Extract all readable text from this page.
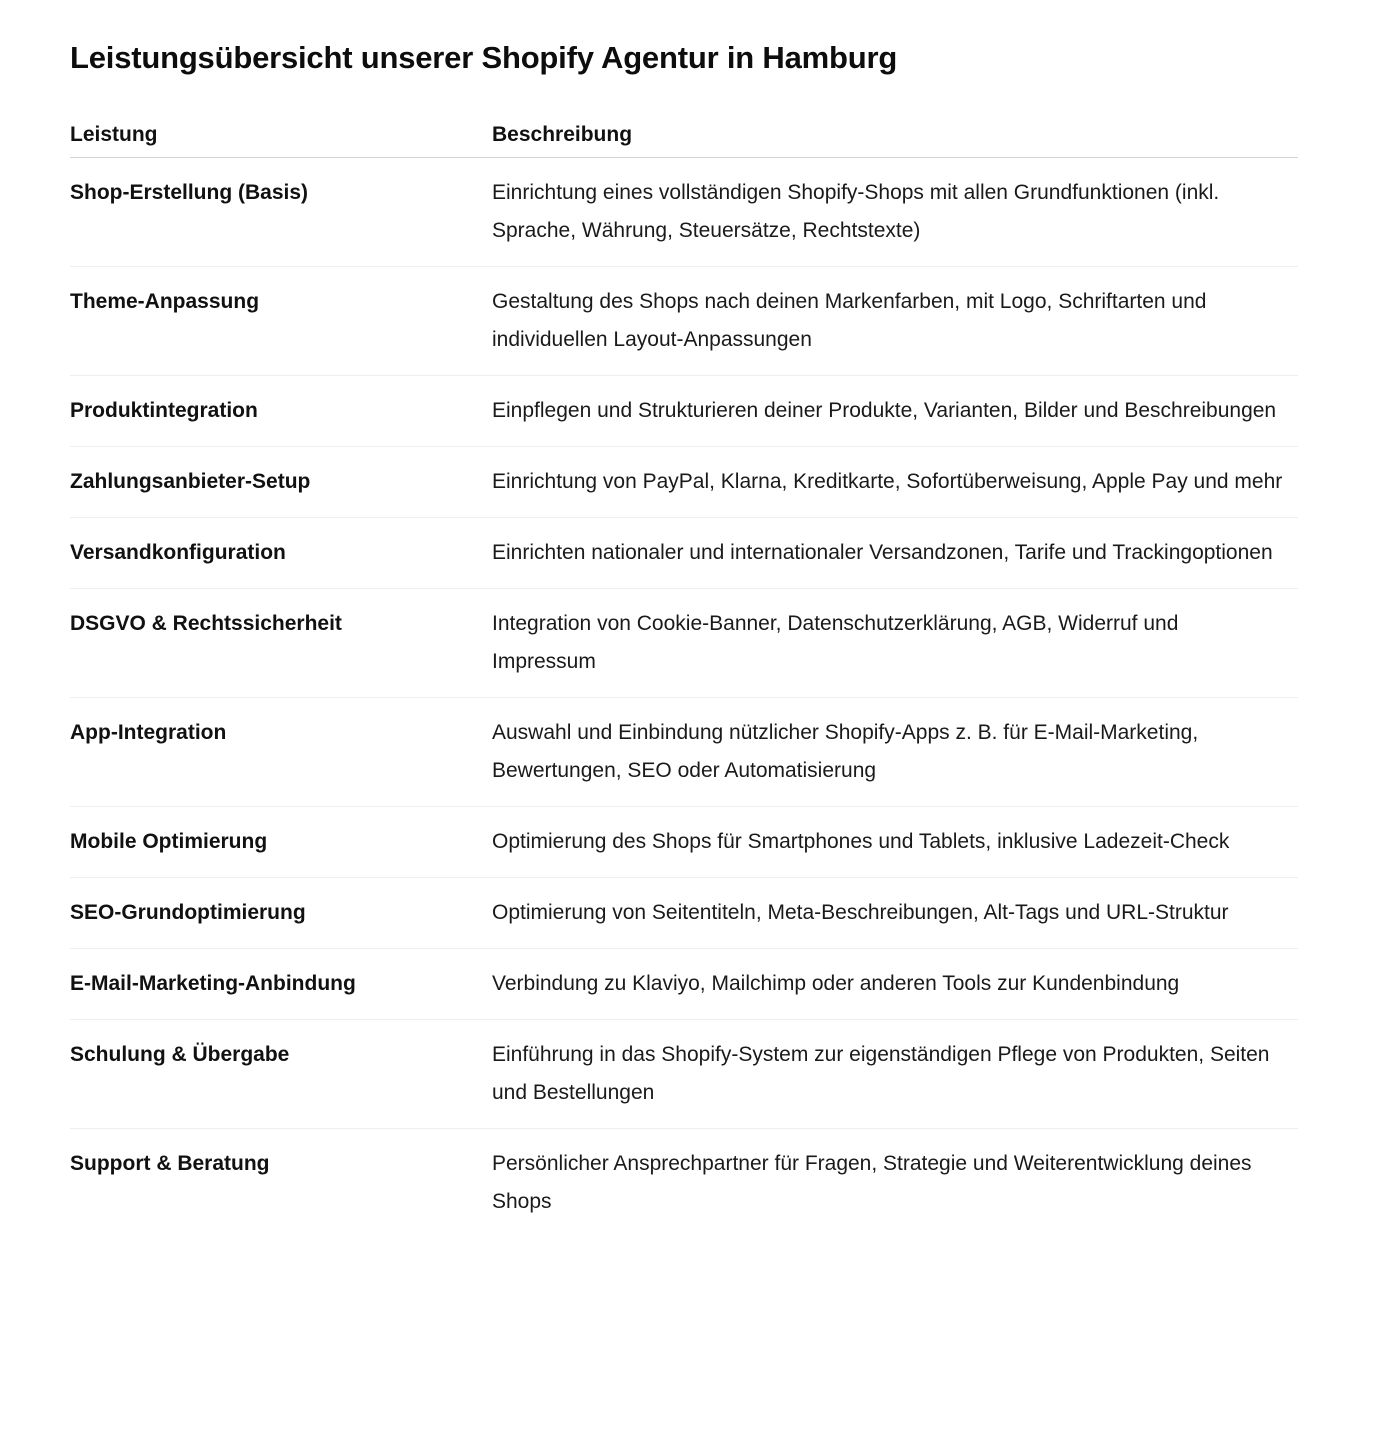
Leistungsübersicht unserer Shopify Agentur in Hamburg
Leistung	Beschreibung
Shop-Erstellung (Basis)	Einrichtung eines vollständigen Shopify-Shops mit allen Grundfunktionen (inkl. Sprache, Währung, Steuersätze, Rechtstexte)
Theme-Anpassung	Gestaltung des Shops nach deinen Markenfarben, mit Logo, Schriftarten und individuellen Layout-Anpassungen
Produktintegration	Einpflegen und Strukturieren deiner Produkte, Varianten, Bilder und Beschreibungen
Zahlungsanbieter-Setup	Einrichtung von PayPal, Klarna, Kreditkarte, Sofortüberweisung, Apple Pay und mehr
Versandkonfiguration	Einrichten nationaler und internationaler Versandzonen, Tarife und Trackingoptionen
DSGVO & Rechtssicherheit	Integration von Cookie-Banner, Datenschutzerklärung, AGB, Widerruf und Impressum
App-Integration	Auswahl und Einbindung nützlicher Shopify-Apps z. B. für E-Mail-Marketing, Bewertungen, SEO oder Automatisierung
Mobile Optimierung	Optimierung des Shops für Smartphones und Tablets, inklusive Ladezeit-Check
SEO-Grundoptimierung	Optimierung von Seitentiteln, Meta-Beschreibungen, Alt-Tags und URL-Struktur
E-Mail-Marketing-Anbindung	Verbindung zu Klaviyo, Mailchimp oder anderen Tools zur Kundenbindung
Schulung & Übergabe	Einführung in das Shopify-System zur eigenständigen Pflege von Produkten, Seiten und Bestellungen
Support & Beratung	Persönlicher Ansprechpartner für Fragen, Strategie und Weiterentwicklung deines Shops
